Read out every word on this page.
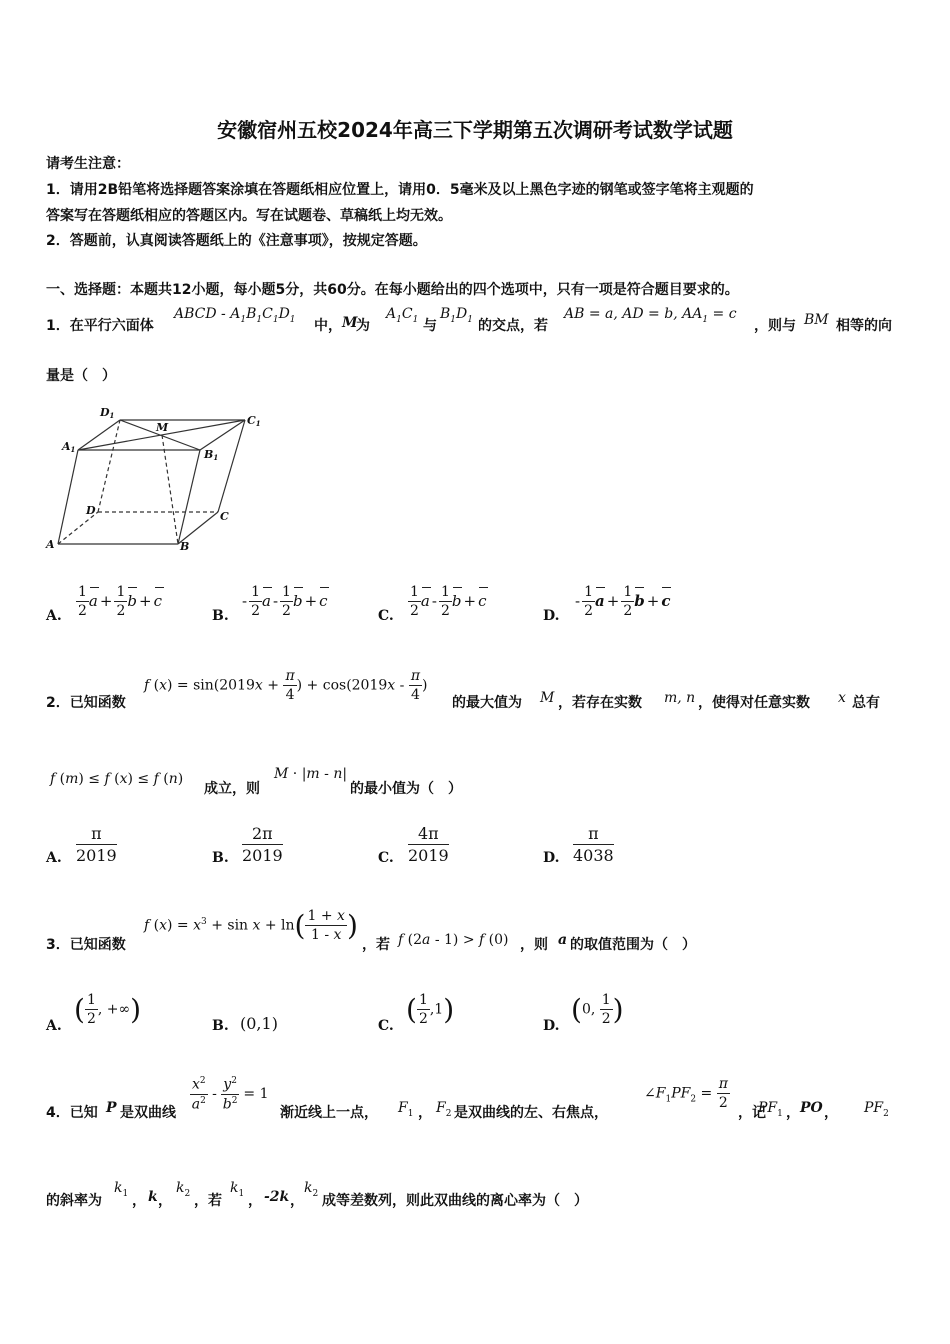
安徽宿州五校2024年高三下学期第五次调研考试数学试题
请考生注意：
1．请用2B铅笔将选择题答案涂填在答题纸相应位置上，请用0．5毫米及以上黑色字迹的钢笔或签字笔将主观题的
答案写在答题纸相应的答题区内。写在试题卷、草稿纸上均无效。
2．答题前，认真阅读答题纸上的《注意事项》，按规定答题。
一、选择题：本题共12小题，每小题5分，共60分。在每小题给出的四个选项中，只有一项是符合题目要求的。
1．在平行六面体
ABCD - $A_1B_1C_1D_1$ 中， M
为
$A_1C_1$ 与
$B_1D_1$ 的交点，若
AB = a, AD = b, $AA_1 = c$
，则与 BM 相等的向
量是（　）
D1	C1
M
A1	B1
D	C
A	B
A. $\frac{1}{2}$ $a + \frac{1}{2}$ b + c
B.
- $\frac{1}{2}$ a - $\frac{1}{2}$ b + c
C. $\frac{1}{2}$ a - $\frac{1}{2}$ b + c
D.
- $\frac{1}{2}$ $a + \frac{1}{2}$ b + c
2．已知函数
f $(x) = \sin(2019x + \frac{\pi}{4}$ ) + $\cos(2019x - \frac{\pi}{4}$ )
的最大值为 M ，若存在实数 m, n ，使得对任意实数 x 总有
f (m) ≤ f (x) ≤ f (n)
成立，则
M · |m - n|
的最小值为（　）
A. $\frac{\pi}{2019}$	B. $\frac{2\pi}{2019}$	C. $\frac{4\pi}{2019}$	D. $\frac{\pi}{4038}$
3．已知函数
f $(x) = x^3 + \sin x + \ln( \frac{1 + x}{1 - x}$ )
，若 f (2a - 1) > f (0) ，则 a 的取值范围为（　）
A. ( $\frac{1}{2}$ , +∞)	B. (0,1)	C. ( $\frac{1}{2} ,1$)	D. (0, $\frac{1}{2}$ )
4．已知 P 是双曲线
$\frac{x^2}{a^2} - \frac{y^2}{b^2} = 1$
渐近线上一点， $F_1$ ， $F_2$ 是双曲线的左、右焦点，
$\angle F_1PF_2 = \frac{\pi}{2}$
，记
$PF_1$ ， PO ， $PF_2$
的斜率为
$k_1$ ， k ，
$k_2$ ，若
$k_1$ ， -2k ，
$k_2$ 成等差数列，则此双曲线的离心率为（　）
